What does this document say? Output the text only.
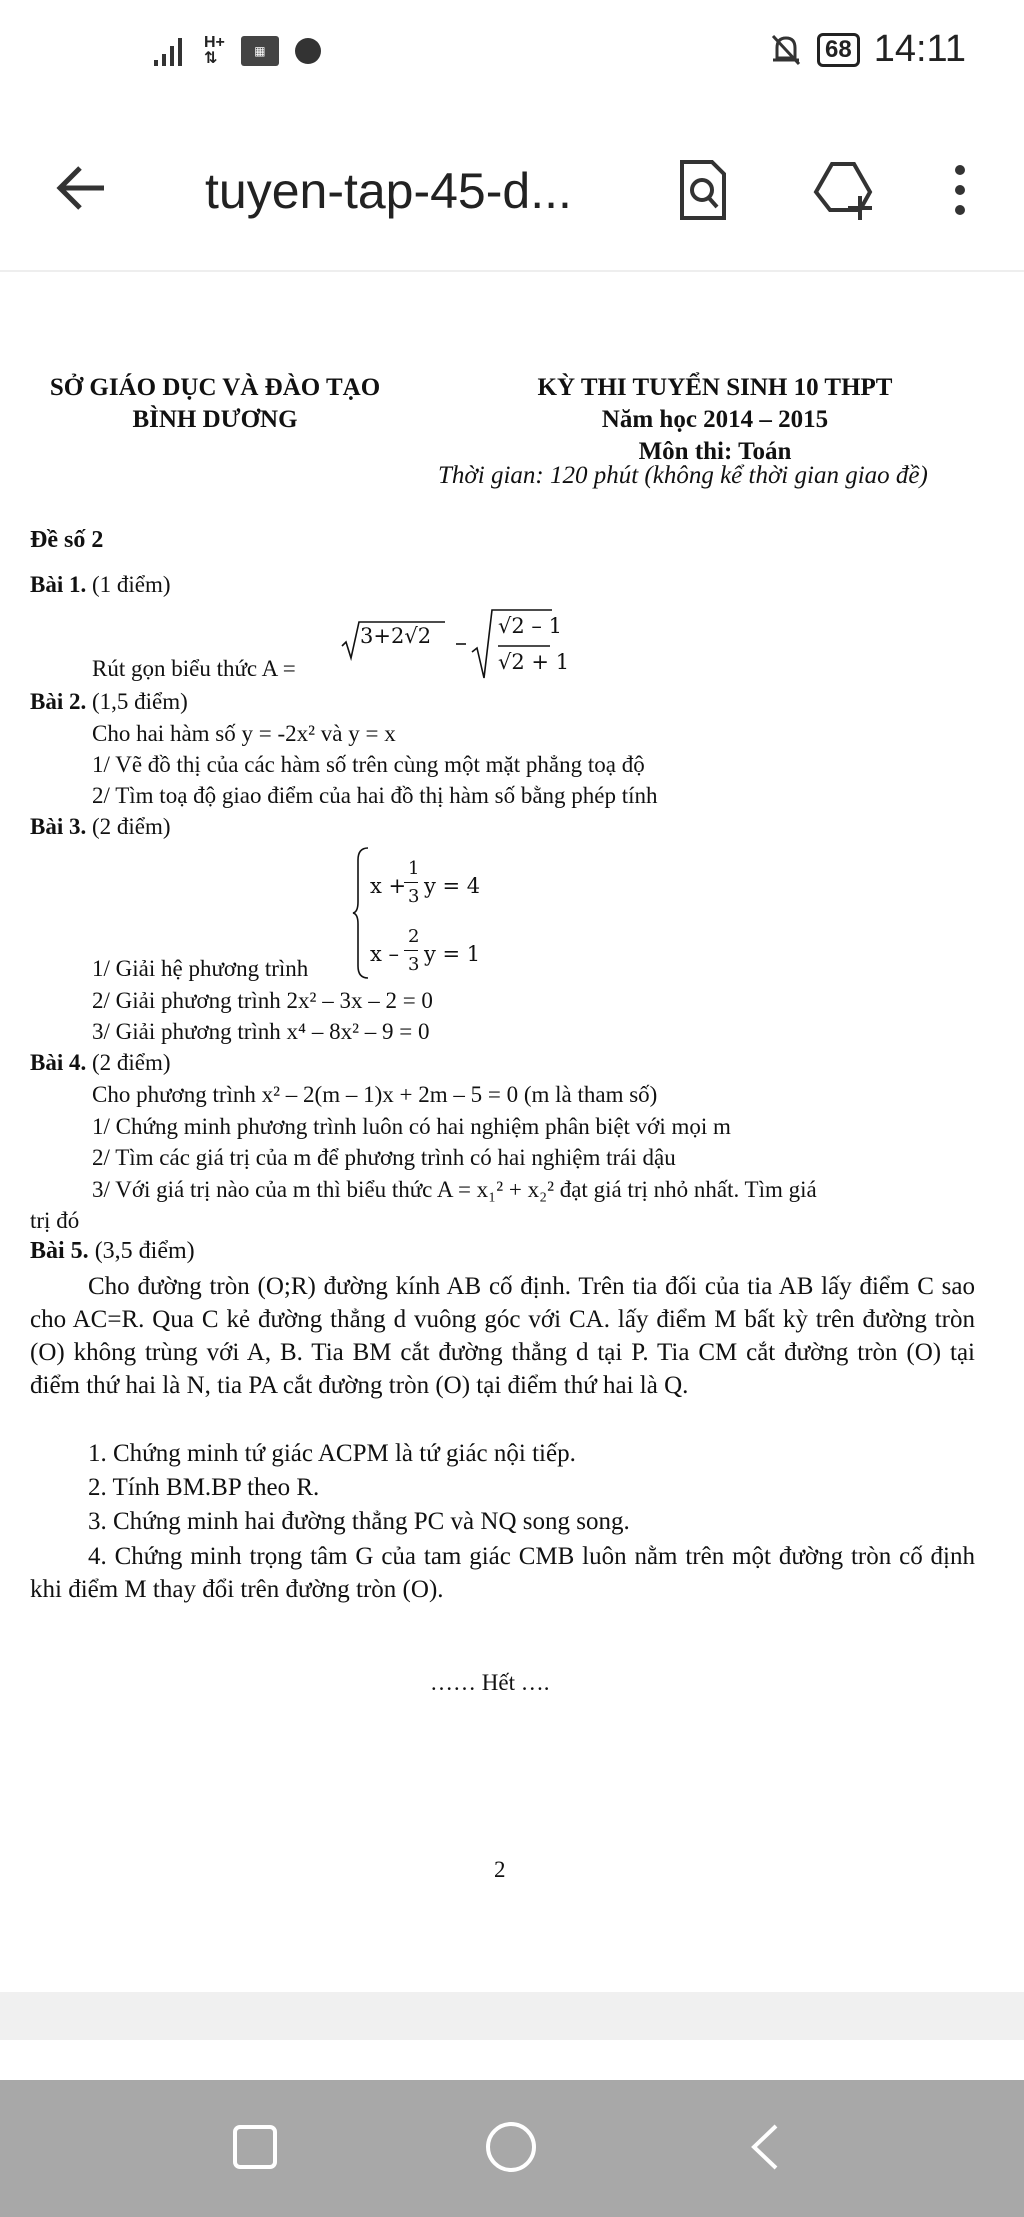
H+
⇅	▦	68 14:11
tuyen-tap-45-d...
SỞ GIÁO DỤC VÀ ĐÀO TẠO
BÌNH DƯƠNG
KỲ THI TUYỂN SINH 10 THPT
Năm học 2014 – 2015
Môn thi: Toán
Thời gian: 120 phút (không kể thời gian giao đề)
Đề số 2
Bài 1. (1 điểm)
Rút gọn biểu thức A =
3+2√2	√2 – 1
√2 + 1
Bài 2. (1,5 điểm)
Cho hai hàm số y = -2x² và y = x
1/ Vẽ đồ thị của các hàm số trên cùng một mặt phẳng toạ độ
2/ Tìm toạ độ giao điểm của hai đồ thị hàm số bằng phép tính
Bài 3. (2 điểm)
1/ Giải hệ phương trình
x +
1
3 y = 4
x –
2
3 y = 1
2/ Giải phương trình 2x² – 3x – 2 = 0
3/ Giải phương trình x⁴ – 8x² – 9 = 0
Bài 4. (2 điểm)
Cho phương trình x² – 2(m – 1)x + 2m – 5 = 0 (m là tham số)
1/ Chứng minh phương trình luôn có hai nghiệm phân biệt với mọi m
2/ Tìm các giá trị của m để phương trình có hai nghiệm trái dậu
3/ Với giá trị nào của m thì biểu thức A = x₁² + x₂² đạt giá trị nhỏ nhất. Tìm giá
trị đó
Bài 5. (3,5 điểm)
Cho đường tròn (O;R) đường kính AB cố định. Trên tia đối của tia AB lấy điểm C sao cho AC=R. Qua C kẻ đường thẳng d vuông góc với CA. lấy điểm M bất kỳ trên đường tròn (O) không trùng với A, B. Tia BM cắt đường thẳng d tại P. Tia CM cắt đường tròn (O) tại điểm thứ hai là N, tia PA cắt đường tròn (O) tại điểm thứ hai là Q.
1. Chứng minh tứ giác ACPM là tứ giác nội tiếp.
2. Tính BM.BP theo R.
3. Chứng minh hai đường thẳng PC và NQ song song.
4. Chứng minh trọng tâm G của tam giác CMB luôn nằm trên một đường tròn cố định khi điểm M thay đổi trên đường tròn (O).
…… Hết ….
2
